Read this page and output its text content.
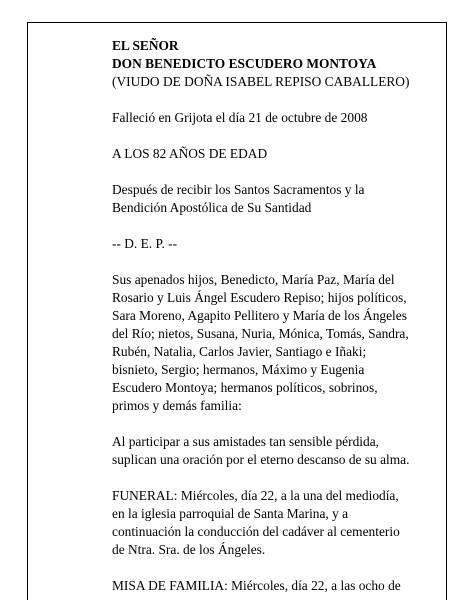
EL SEÑOR

DON BENEDICTO ESCUDERO MONTOYA

(VIUDO DE DOÑA ISABEL REPISO CABALLERO)

Falleció en Grijota el día 21 de octubre de 2008

A LOS 82 AÑOS DE EDAD

Después de recibir los Santos Sacramentos y la
Bendición Apostólica de Su Santidad

-- D. E. P. --

Sus apenados hijos, Benedicto, María Paz, María del
Rosario y Luis Ángel Escudero Repiso; hijos políticos,
Sara Moreno, Agapito Pellitero y María de los Ángeles
del Río; nietos, Susana, Nuria, Mónica, Tomás, Sandra,
Rubén, Natalia, Carlos Javier, Santiago e Iñaki;
bisnieto, Sergio; hermanos, Máximo y Eugenia
Escudero Montoya; hermanos políticos, sobrinos,
primos y demás familia:

Al participar a sus amistades tan sensible pérdida,
suplican una oración por el eterno descanso de su alma.

FUNERAL: Miércoles, día 22, a la una del mediodía,
en la iglesia parroquial de Santa Marina, y a
continuación la conducción del cadáver al cementerio
de Ntra. Sra. de los Ángeles.

MISA DE FAMILIA: Miércoles, día 22, a las ocho de
